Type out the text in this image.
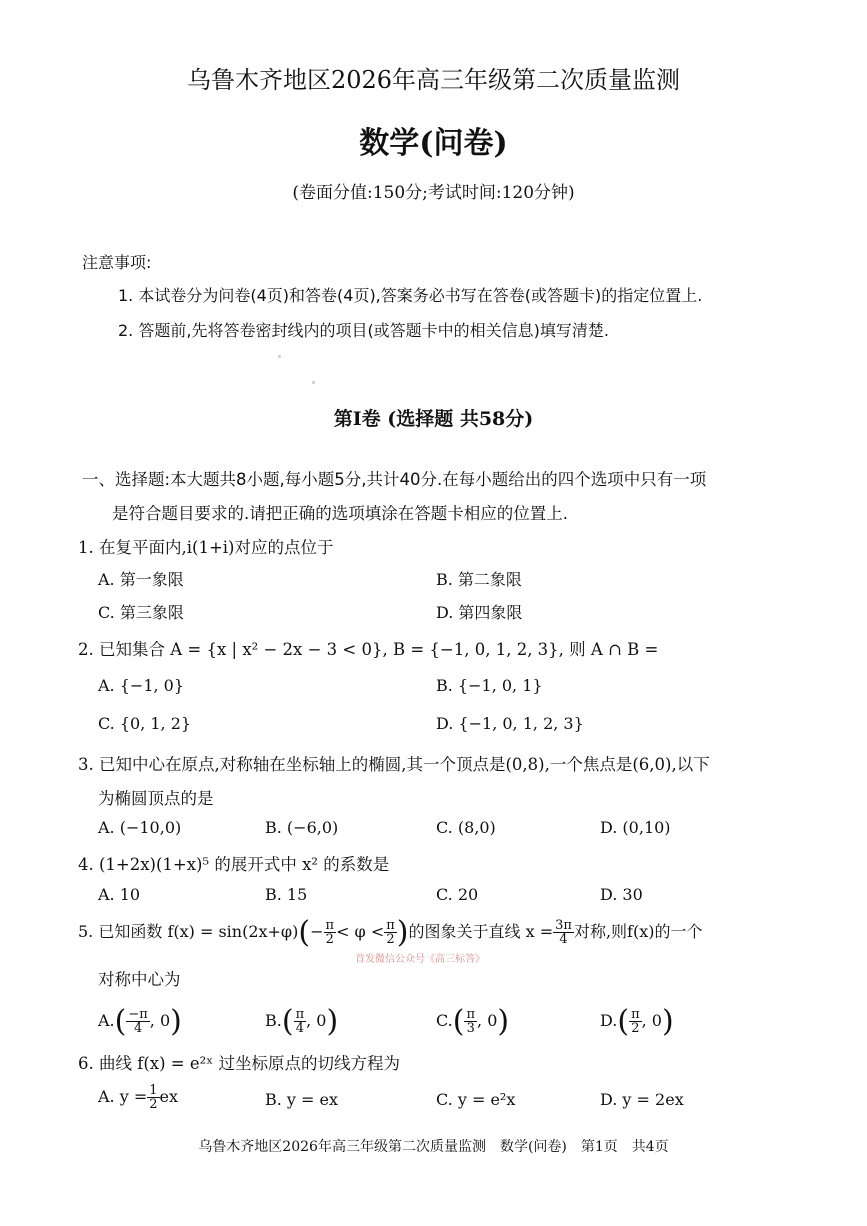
乌鲁木齐地区2026年高三年级第二次质量监测
数学(问卷)
(卷面分值:150分;考试时间:120分钟)
注意事项:
1. 本试卷分为问卷(4页)和答卷(4页),答案务必书写在答卷(或答题卡)的指定位置上.
2. 答题前,先将答卷密封线内的项目(或答题卡中的相关信息)填写清楚.
第Ⅰ卷 (选择题 共58分)
一、选择题:本大题共8小题,每小题5分,共计40分.在每小题给出的四个选项中只有一项
是符合题目要求的.请把正确的选项填涂在答题卡相应的位置上.
1. 在复平面内,i(1+i)对应的点位于
A. 第一象限	B. 第二象限
C. 第三象限	D. 第四象限
2. 已知集合 A = {x | x² − 2x − 3 < 0}, B = {−1, 0, 1, 2, 3}, 则 A ∩ B =
A. {−1, 0}	B. {−1, 0, 1}
C. {0, 1, 2}	D. {−1, 0, 1, 2, 3}
3. 已知中心在原点,对称轴在坐标轴上的椭圆,其一个顶点是(0,8),一个焦点是(6,0),以下
为椭圆顶点的是
A. (−10,0)	B. (−6,0)	C. (8,0)	D. (0,10)
4. (1+2x)(1+x)⁵ 的展开式中 x² 的系数是
A. 10	B. 15	C. 20	D. 30
5. 已知函数 $f(x) = \sin(2x+\varphi)(- \frac{\pi}{2} < \varphi < \frac{\pi}{2}$ )的图象关于直线 $x = \frac{3\pi}{4}$ 对称,则f(x)的一个
首发微信公众号《高三标答》
对称中心为
$A.( \frac{-\pi}{4}$ , 0)	$B.( \frac{\pi}{4}$ , 0)	$C.( \frac{\pi}{3}$ , 0)	$D.( \frac{\pi}{2}$ , 0)
6. 曲线 f(x) = e²ˣ 过坐标原点的切线方程为
A. $y = \frac{1}{2}$ ex	B. y = ex	C. y = e²x	D. y = 2ex
乌鲁木齐地区2026年高三年级第二次质量监测　数学(问卷)　第1页　共4页
